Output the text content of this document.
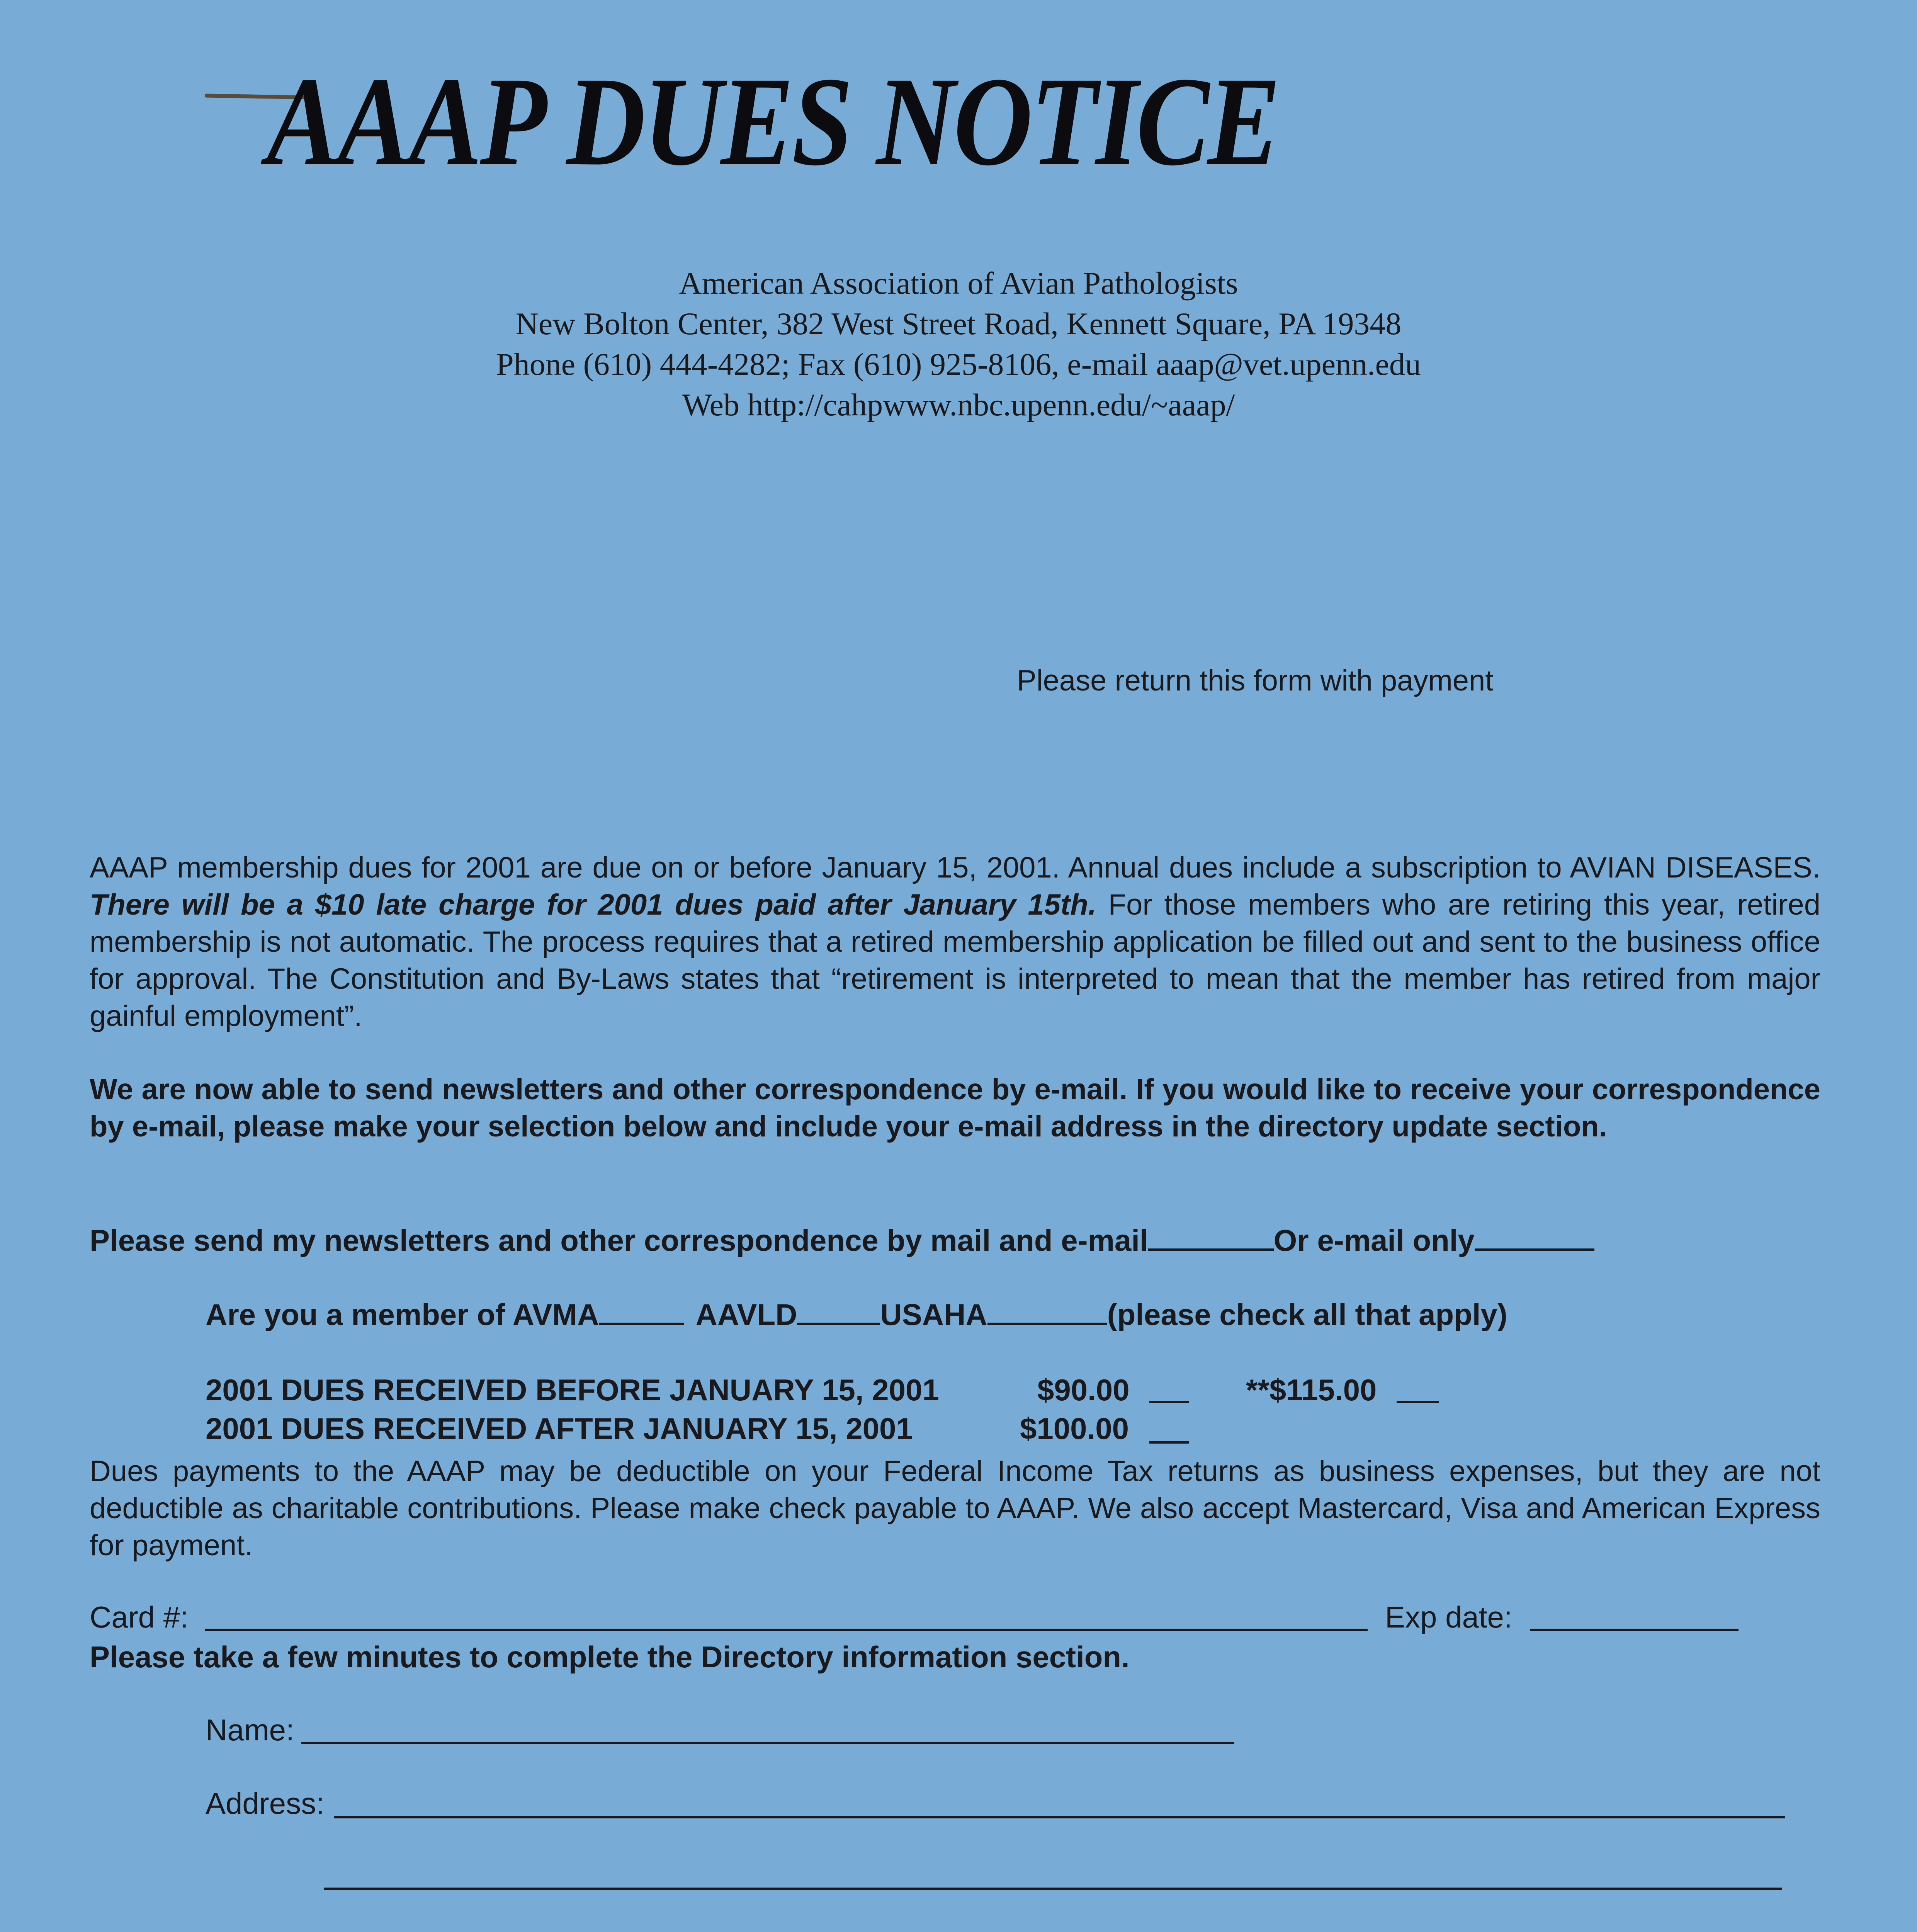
AAAP DUES NOTICE
American Association of Avian Pathologists
New Bolton Center, 382 West Street Road, Kennett Square, PA 19348
Phone (610) 444-4282; Fax (610) 925-8106, e-mail aaap@vet.upenn.edu
Web http://cahpwww.nbc.upenn.edu/~aaap/
Please return this form with payment
AAAP membership dues for 2001 are due on or before January 15, 2001. Annual dues include a subscription to AVIAN DISEASES. There will be a $10 late charge for 2001 dues paid after January 15th. For those members who are retiring this year, retired membership is not automatic. The process requires that a retired membership application be filled out and sent to the business office for approval. The Constitution and By-Laws states that “retirement is interpreted to mean that the member has retired from major gainful employment”.
We are now able to send newsletters and other correspondence by e-mail. If you would like to receive your correspondence by e-mail, please make your selection below and include your e-mail address in the directory update section.
Please send my newsletters and other correspondence by mail and e-mail	Or e-mail only
Are you a member of AVMA	AAVLD	USAHA	(please check all that apply)
2001 DUES RECEIVED BEFORE JANUARY 15, 2001	$90.00	**$115.00
2001 DUES RECEIVED AFTER JANUARY 15, 2001	$100.00
Dues payments to the AAAP may be deductible on your Federal Income Tax returns as business expenses, but they are not deductible as charitable contributions. Please make check payable to AAAP. We also accept Mastercard, Visa and American Express for payment.
Card #:	Exp date:
Please take a few minutes to complete the Directory information section.
Name:
Address:
